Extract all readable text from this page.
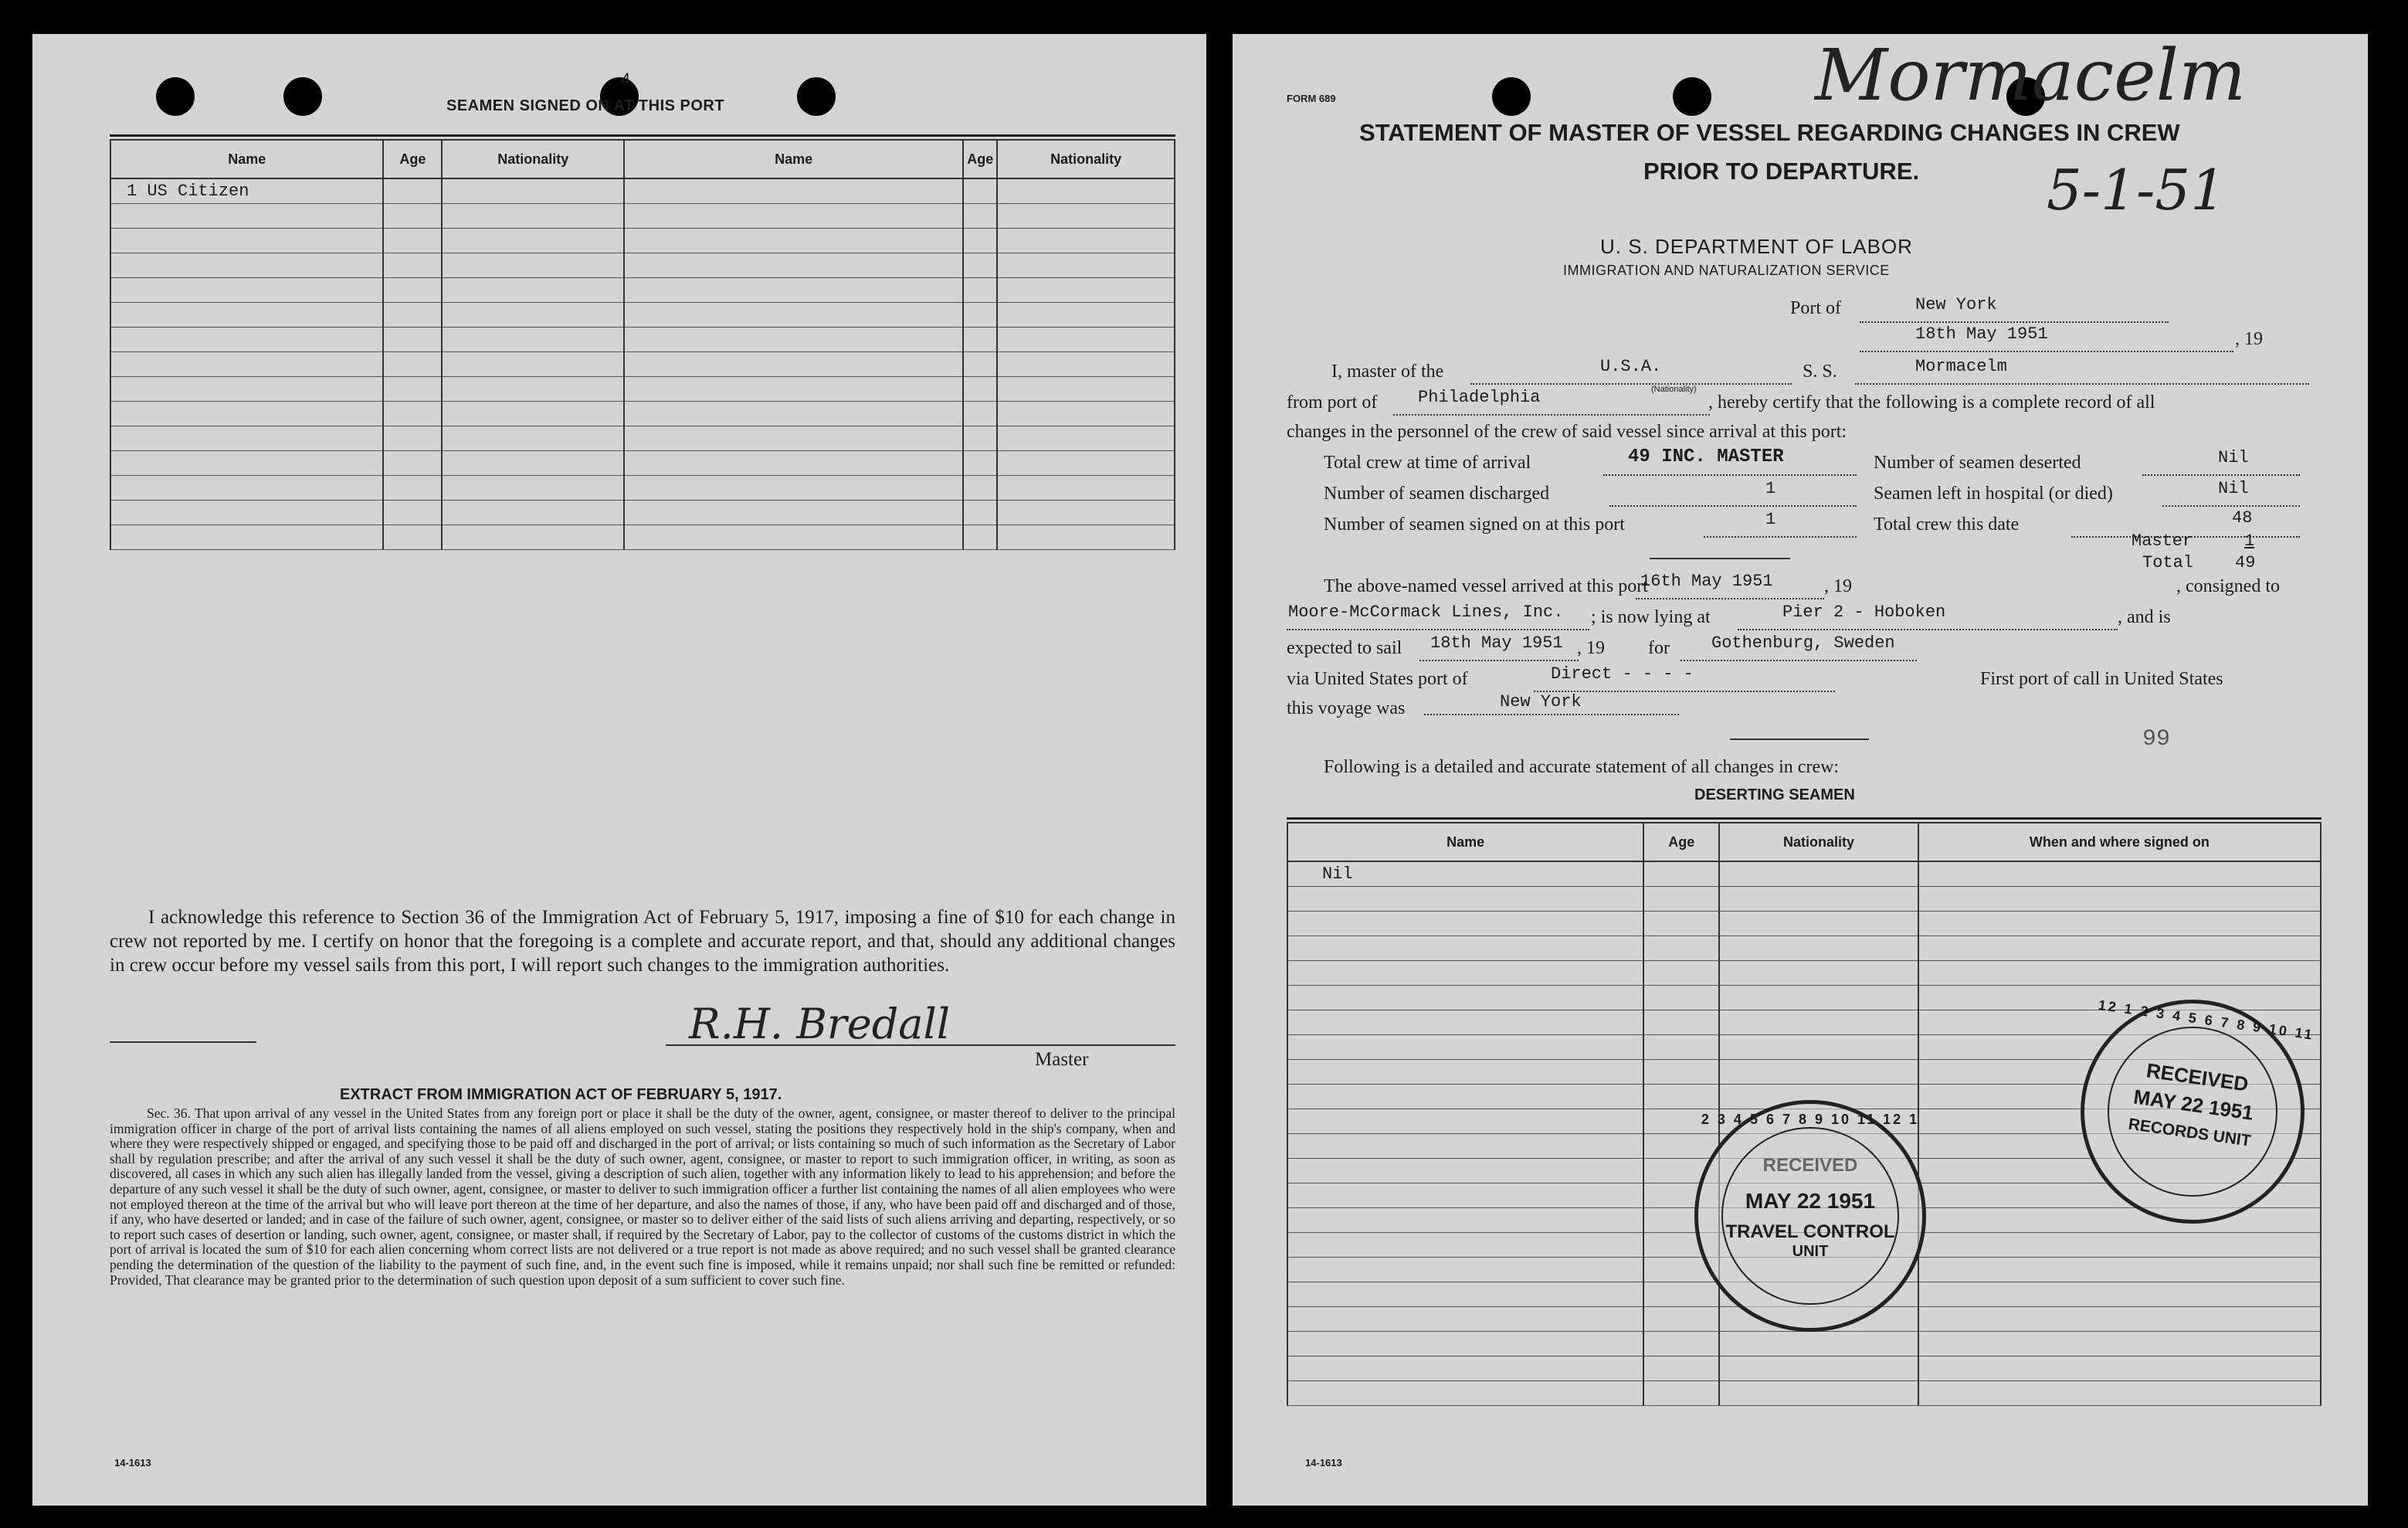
4
SEAMEN SIGNED ON AT THIS PORT
Name	Age	Nationality	Name	Age	Nationality
1 US Citizen					

I acknowledge this reference to Section 36 of the Immigration Act of February 5, 1917, imposing a fine of $10 for each change in crew not reported by me. I certify on honor that the foregoing is a complete and accurate report, and that, should any additional changes in crew occur before my vessel sails from this port, I will report such changes to the immigration authorities.
R.H. Bredall
Master
EXTRACT FROM IMMIGRATION ACT OF FEBRUARY 5, 1917.
Sec. 36. That upon arrival of any vessel in the United States from any foreign port or place it shall be the duty of the owner, agent, consignee, or master thereof to deliver to the principal immigration officer in charge of the port of arrival lists containing the names of all aliens employed on such vessel, stating the positions they respectively hold in the ship's company, when and where they were respectively shipped or engaged, and specifying those to be paid off and discharged in the port of arrival; or lists containing so much of such information as the Secretary of Labor shall by regulation prescribe; and after the arrival of any such vessel it shall be the duty of such owner, agent, consignee, or master to report to such immigration officer, in writing, as soon as discovered, all cases in which any such alien has illegally landed from the vessel, giving a description of such alien, together with any information likely to lead to his apprehension; and before the departure of any such vessel it shall be the duty of such owner, agent, consignee, or master to deliver to such immigration officer a further list containing the names of all alien employees who were not employed thereon at the time of the arrival but who will leave port thereon at the time of her departure, and also the names of those, if any, who have been paid off and discharged and of those, if any, who have deserted or landed; and in case of the failure of such owner, agent, consignee, or master so to deliver either of the said lists of such aliens arriving and departing, respectively, or so to report such cases of desertion or landing, such owner, agent, consignee, or master shall, if required by the Secretary of Labor, pay to the collector of customs of the customs district in which the port of arrival is located the sum of $10 for each alien concerning whom correct lists are not delivered or a true report is not made as above required; and no such vessel shall be granted clearance pending the determination of the question of the liability to the payment of such fine, and, in the event such fine is imposed, while it remains unpaid; nor shall such fine be remitted or refunded: Provided, That clearance may be granted prior to the determination of such question upon deposit of a sum sufficient to cover such fine.
14-1613
FORM 689	Mormacelm
5-1-51
STATEMENT OF MASTER OF VESSEL REGARDING CHANGES IN CREW
PRIOR TO DEPARTURE.
U. S. DEPARTMENT OF LABOR
IMMIGRATION AND NATURALIZATION SERVICE
Port of	New York
18th May 1951	, 19
I, master of the	U.S.A.
(Nationality)
S. S.	Mormacelm
from port of Philadelphia	, hereby certify that the following is a complete record of all
changes in the personnel of the crew of said vessel since arrival at this port:
Total crew at time of arrival	49 INC. MASTER	Number of seamen deserted	Nil
Number of seamen discharged	1	Seamen left in hospital (or died)	Nil
Number of seamen signed on at this port	1	Total crew this date	48
Master	1
Total 49
The above-named vessel arrived at this port
16th May 1951	, 19	, consigned to
Moore-McCormack Lines, Inc. ; is now lying at	Pier 2 - Hoboken	, and is
expected to sail 18th May 1951 , 19 for Gothenburg, Sweden
via United States port of	Direct - - - -	First port of call in United States
this voyage was	New York
99
Following is a detailed and accurate statement of all changes in crew:
DESERTING SEAMEN
Name	Age	Nationality	When and where signed on
Nil			

2 3 4 5 6 7 8 9 10 11 12 1
RECEIVED
MAY 22 1951
TRAVEL CONTROL
UNIT
12 1 2 3 4 5 6 7 8 9 10 11
RECEIVED
MAY 22 1951
RECORDS UNIT
14-1613
